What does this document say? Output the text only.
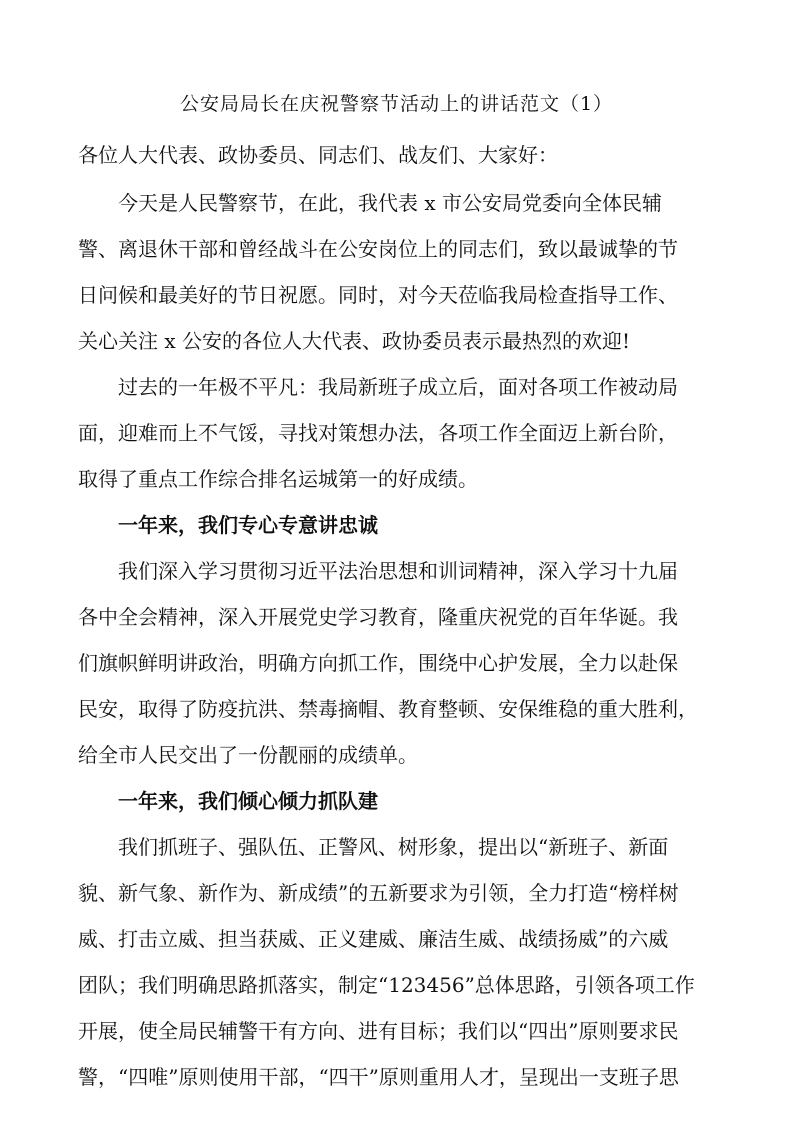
公安局局长在庆祝警察节活动上的讲话范文（1）
各位人大代表、政协委员、同志们、战友们、大家好：
今天是人民警察节，在此，我代表 x 市公安局党委向全体民辅
警、离退休干部和曾经战斗在公安岗位上的同志们，致以最诚挚的节
日问候和最美好的节日祝愿。同时，对今天莅临我局检查指导工作、
关心关注 x 公安的各位人大代表、政协委员表示最热烈的欢迎!
过去的一年极不平凡：我局新班子成立后，面对各项工作被动局
面，迎难而上不气馁，寻找对策想办法，各项工作全面迈上新台阶，
取得了重点工作综合排名运城第一的好成绩。
一年来，我们专心专意讲忠诚
我们深入学习贯彻习近平法治思想和训词精神，深入学习十九届
各中全会精神，深入开展党史学习教育，隆重庆祝党的百年华诞。我
们旗帜鲜明讲政治，明确方向抓工作，围绕中心护发展，全力以赴保
民安，取得了防疫抗洪、禁毒摘帽、教育整顿、安保维稳的重大胜利，
给全市人民交出了一份靓丽的成绩单。
一年来，我们倾心倾力抓队建
我们抓班子、强队伍、正警风、树形象，提出以“新班子、新面
貌、新气象、新作为、新成绩”的五新要求为引领，全力打造“榜样树
威、打击立威、担当获威、正义建威、廉洁生威、战绩扬威”的六威
团队；我们明确思路抓落实，制定“123456”总体思路，引领各项工作
开展，使全局民辅警干有方向、进有目标；我们以“四出”原则要求民
警，“四唯”原则使用干部，“四干”原则重用人才，呈现出一支班子思
